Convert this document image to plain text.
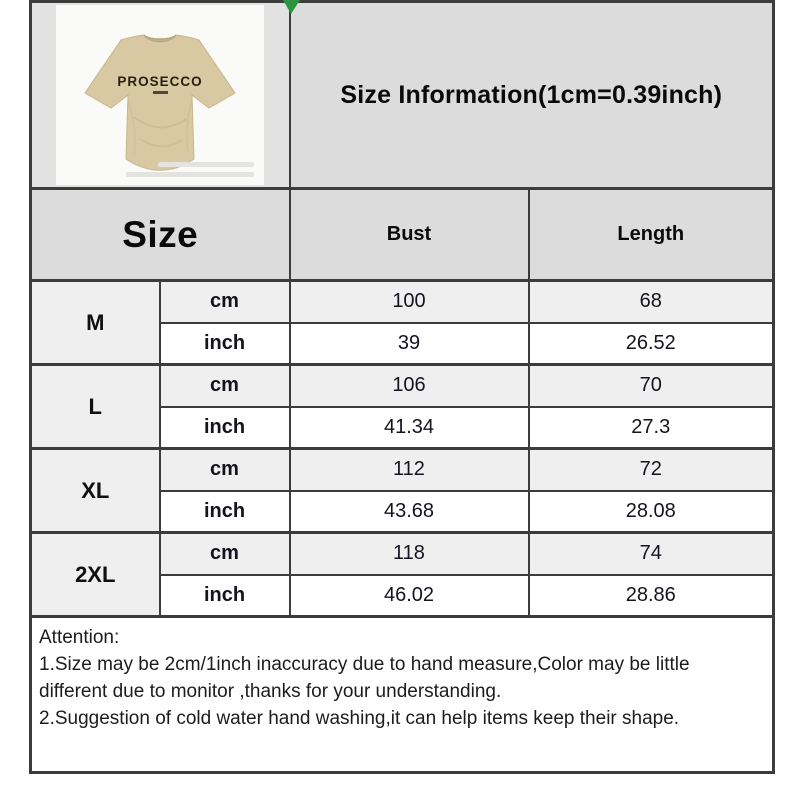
PROSECCO		Size Information(1cm=0.39inch)	

Size		Bust	Length
M	cm	100	68
	inch	39	26.52
L	cm	106	70
	inch	41.34	27.3
XL	cm	112	72
	inch	43.68	28.08
2XL	cm	118	74
	inch	46.02	28.86

Attention:

1.Size may be 2cm/1inch inaccuracy due to hand measure,Color may be little different due to monitor ,thanks for your understanding.

2.Suggestion of cold water hand washing,it can help items keep their shape.			
